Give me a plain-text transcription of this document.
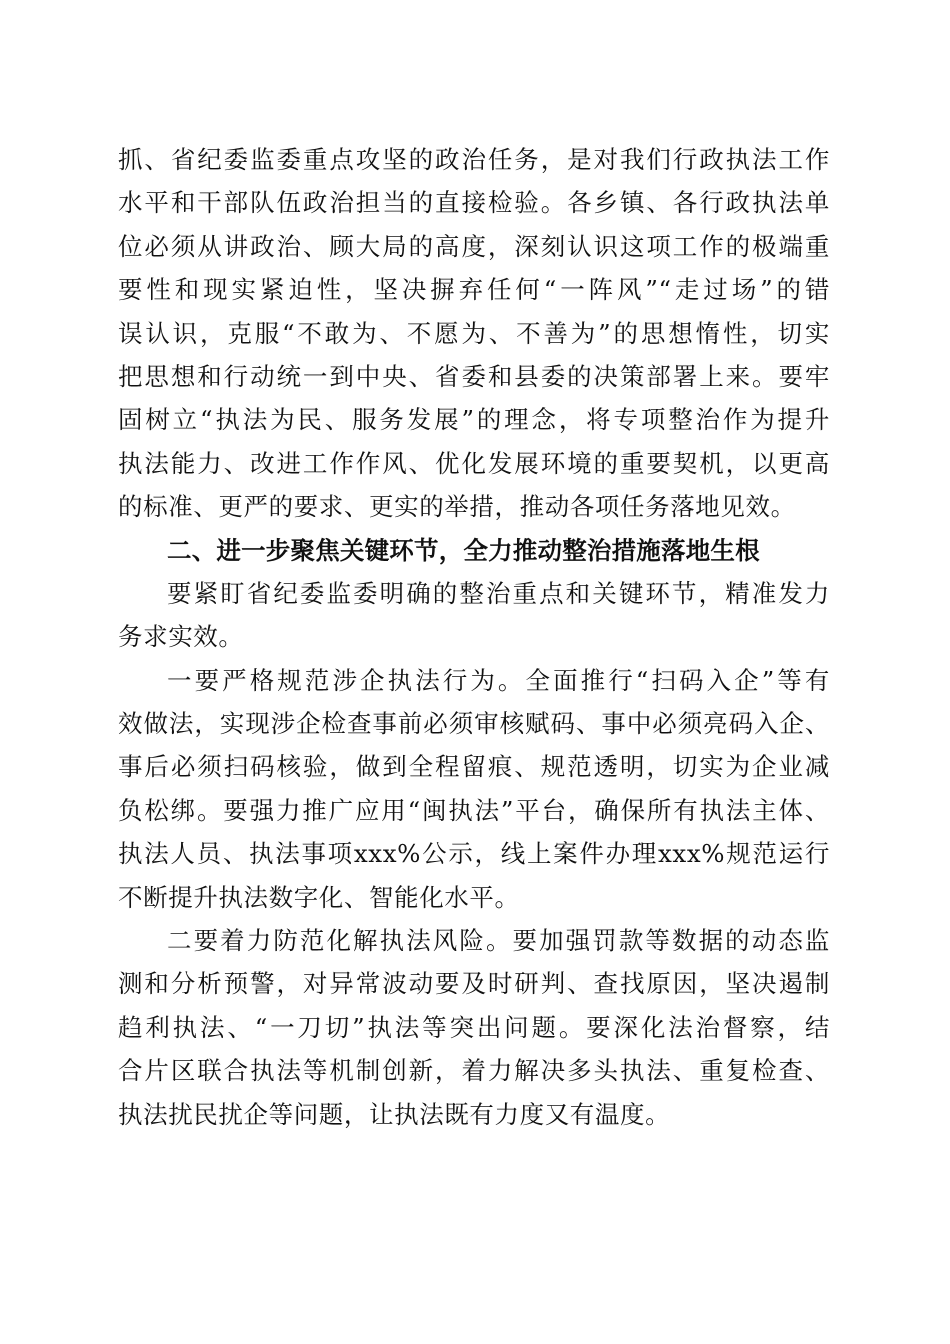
抓、省纪委监委重点攻坚的政治任务，是对我们行政执法工作
水平和干部队伍政治担当的直接检验。各乡镇、各行政执法单
位必须从讲政治、顾大局的高度，深刻认识这项工作的极端重
要性和现实紧迫性，坚决摒弃任何“一阵风”“走过场”的错
误认识，克服“不敢为、不愿为、不善为”的思想惰性，切实
把思想和行动统一到中央、省委和县委的决策部署上来。要牢
固树立“执法为民、服务发展”的理念，将专项整治作为提升
执法能力、改进工作作风、优化发展环境的重要契机，以更高
的标准、更严的要求、更实的举措，推动各项任务落地见效。
二、进一步聚焦关键环节，全力推动整治措施落地生根
要紧盯省纪委监委明确的整治重点和关键环节，精准发力
务求实效。
一要严格规范涉企执法行为。全面推行“扫码入企”等有
效做法，实现涉企检查事前必须审核赋码、事中必须亮码入企、
事后必须扫码核验，做到全程留痕、规范透明，切实为企业减
负松绑。要强力推广应用“闽执法”平台，确保所有执法主体、
执法人员、执法事项xxx%公示，线上案件办理xxx%规范运行
不断提升执法数字化、智能化水平。
二要着力防范化解执法风险。要加强罚款等数据的动态监
测和分析预警，对异常波动要及时研判、查找原因，坚决遏制
趋利执法、“一刀切”执法等突出问题。要深化法治督察，结
合片区联合执法等机制创新，着力解决多头执法、重复检查、
执法扰民扰企等问题，让执法既有力度又有温度。
